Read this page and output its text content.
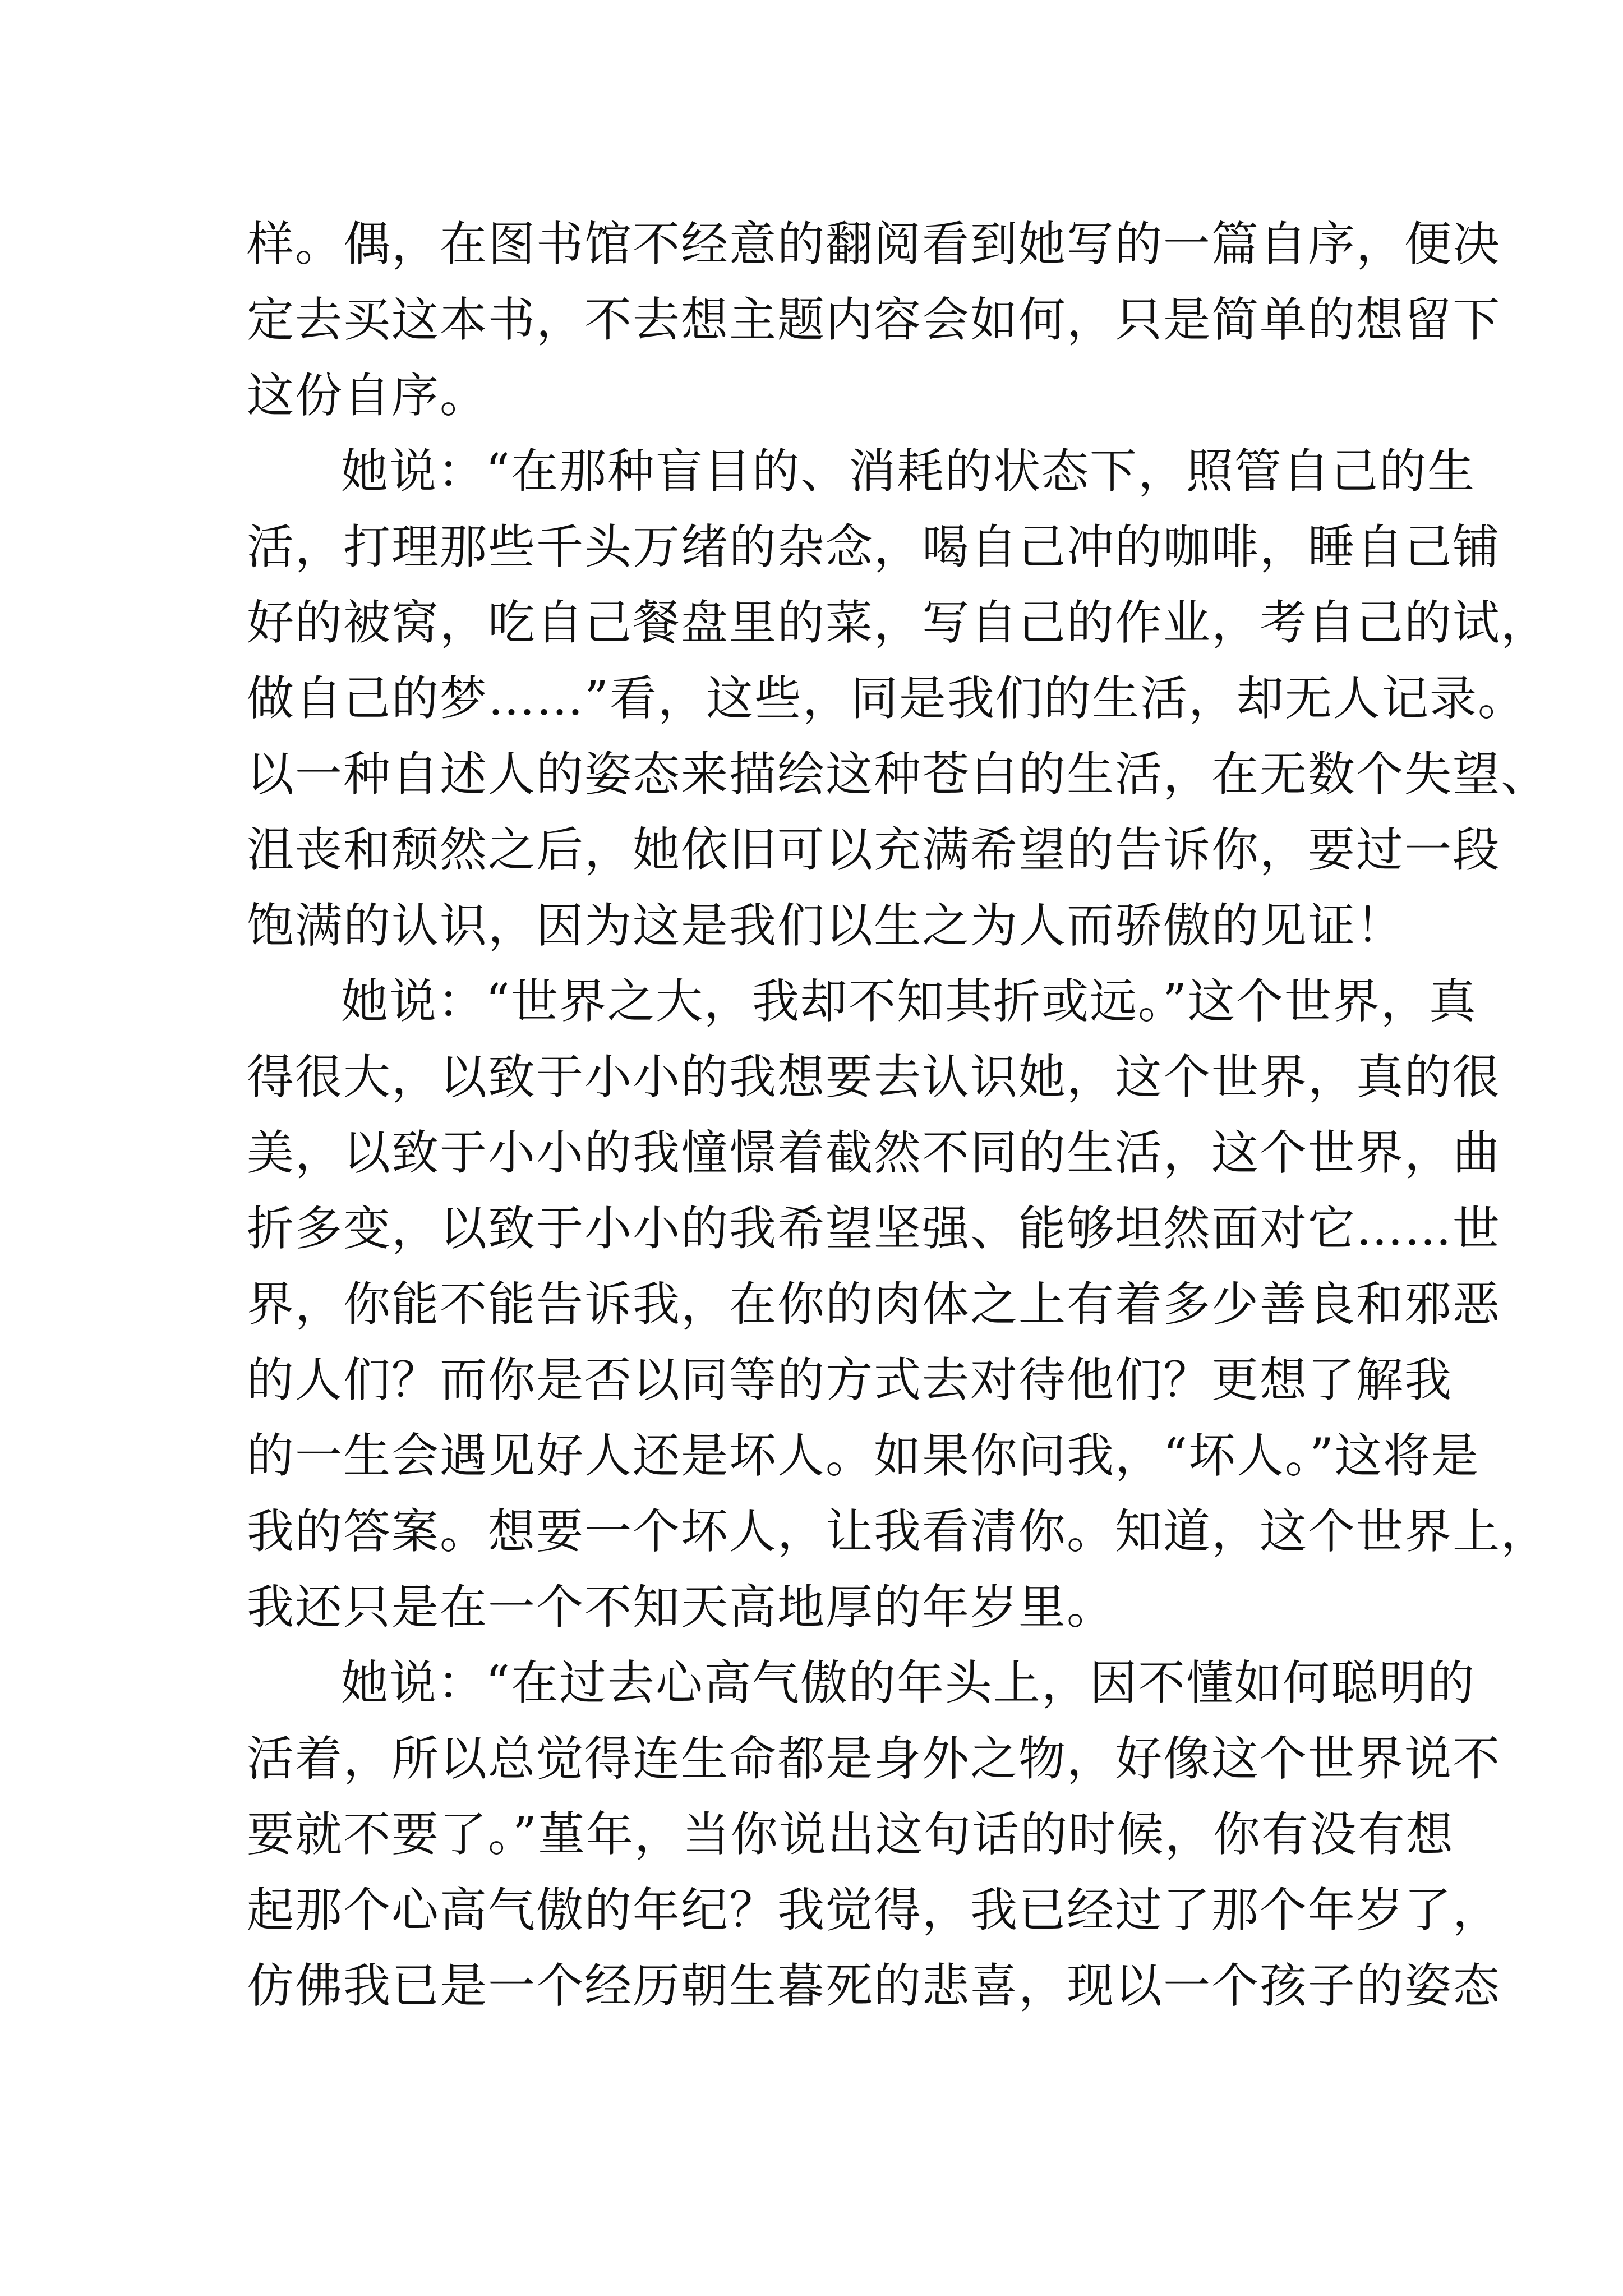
样。偶，在图书馆不经意的翻阅看到她写的一篇自序，便决
定去买这本书，不去想主题内容会如何，只是简单的想留下
这份自序。

她说：“在那种盲目的、消耗的状态下，照管自己的生
活，打理那些千头万绪的杂念，喝自己冲的咖啡，睡自己铺
好的被窝，吃自己餐盘里的菜，写自己的作业，考自己的试，
做自己的梦……”看，这些，同是我们的生活，却无人记录。
以一种自述人的姿态来描绘这种苍白的生活，在无数个失望、
沮丧和颓然之后，她依旧可以充满希望的告诉你，要过一段
饱满的认识，因为这是我们以生之为人而骄傲的见证！

她说：“世界之大，我却不知其折或远。”这个世界，真
得很大，以致于小小的我想要去认识她，这个世界，真的很
美，以致于小小的我憧憬着截然不同的生活，这个世界，曲
折多变，以致于小小的我希望坚强、能够坦然面对它……世
界，你能不能告诉我，在你的肉体之上有着多少善良和邪恶
的人们？而你是否以同等的方式去对待他们？更想了解我
的一生会遇见好人还是坏人。如果你问我，“坏人。”这将是
我的答案。想要一个坏人，让我看清你。知道，这个世界上，
我还只是在一个不知天高地厚的年岁里。

她说：“在过去心高气傲的年头上，因不懂如何聪明的
活着，所以总觉得连生命都是身外之物，好像这个世界说不
要就不要了。”堇年，当你说出这句话的时候，你有没有想
起那个心高气傲的年纪？我觉得，我已经过了那个年岁了，
仿佛我已是一个经历朝生暮死的悲喜，现以一个孩子的姿态
